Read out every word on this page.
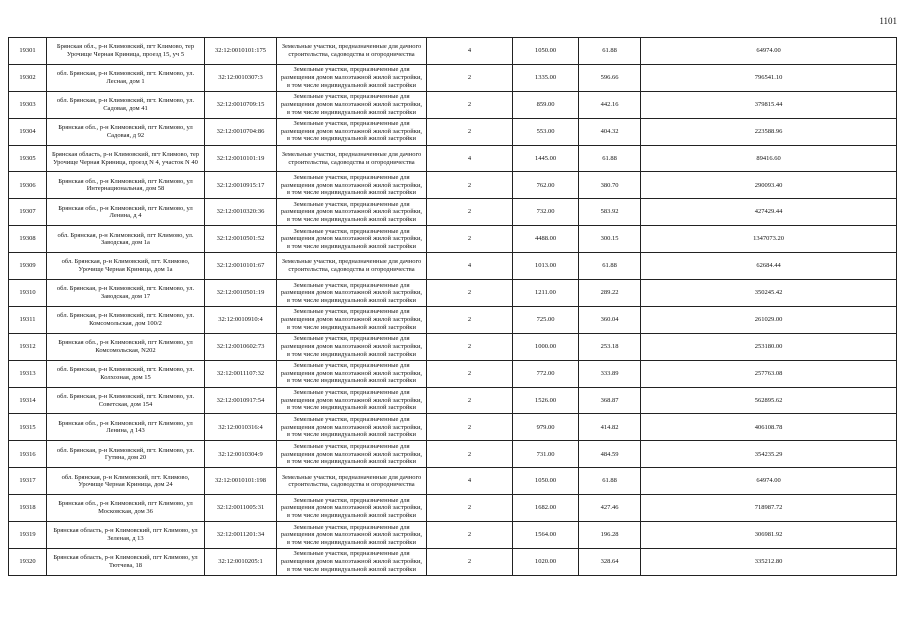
1101
19301	Брянская обл., р-н Климовский, пгт Климово, тер Урочище Черная Криница, проезд 15, уч 5	32:12:0010101:175	Земельные участки, предназначенные для дачного строительства, садоводства и огородничества	4	1050.00	61.88	64974.00
19302	обл. Брянская, р-н Климовский, пгт. Климово, ул. Лесная, дом 1	32:12:0010307:3	Земельные участки, предназначенные для размещения домов малоэтажной жилой застройки, в том числе индивидуальной жилой застройки	2	1335.00	596.66	796541.10
19303	обл. Брянская, р-н Климовский, пгт. Климово, ул. Садовая, дом 41	32:12:0010709:15	Земельные участки, предназначенные для размещения домов малоэтажной жилой застройки, в том числе индивидуальной жилой застройки	2	859.00	442.16	379815.44
19304	Брянская обл., р-н Климовский, пгт Климово, ул Садовая, д 92	32:12:0010704:86	Земельные участки, предназначенные для размещения домов малоэтажной жилой застройки, в том числе индивидуальной жилой застройки	2	553.00	404.32	223588.96
19305	Брянская область, р-н Климовский, пгт Климово, тер Урочище Черная Криница, проезд N 4, участок N 40	32:12:0010101:19	Земельные участки, предназначенные для дачного строительства, садоводства и огородничества	4	1445.00	61.88	89416.60
19306	Брянская обл., р-н Климовский, пгт Климово, ул Интернациональная, дом 58	32:12:0010915:17	Земельные участки, предназначенные для размещения домов малоэтажной жилой застройки, в том числе индивидуальной жилой застройки	2	762.00	380.70	290093.40
19307	Брянская обл., р-н Климовский, пгт Климово, ул Ленина, д 4	32:12:0010320:36	Земельные участки, предназначенные для размещения домов малоэтажной жилой застройки, в том числе индивидуальной жилой застройки	2	732.00	583.92	427429.44
19308	обл. Брянская, р-н Климовский, пгт Климово, ул. Заводская, дом 1а	32:12:0010501:52	Земельные участки, предназначенные для размещения домов малоэтажной жилой застройки, в том числе индивидуальной жилой застройки	2	4488.00	300.15	1347073.20
19309	обл. Брянская, р-н Климовский, пгт. Климово, Урочище Черная Криница, дом 1а	32:12:0010101:67	Земельные участки, предназначенные для дачного строительства, садоводства и огородничества	4	1013.00	61.88	62684.44
19310	обл. Брянская, р-н Климовский, пгт. Климово, ул. Заводская, дом 17	32:12:0010501:19	Земельные участки, предназначенные для размещения домов малоэтажной жилой застройки, в том числе индивидуальной жилой застройки	2	1211.00	289.22	350245.42
19311	обл. Брянская, р-н Климовский, пгт. Климово, ул. Комсомольская, дом 100/2	32:12:0010910:4	Земельные участки, предназначенные для размещения домов малоэтажной жилой застройки, в том числе индивидуальной жилой застройки	2	725.00	360.04	261029.00
19312	Брянская обл., р-н Климовский, пгт Климово, ул Комсомольская, N202	32:12:0010602:73	Земельные участки, предназначенные для размещения домов малоэтажной жилой застройки, в том числе индивидуальной жилой застройки	2	1000.00	253.18	253180.00
19313	обл. Брянская, р-н Климовский, пгт. Климово, ул. Колхозная, дом 15	32:12:0011107:32	Земельные участки, предназначенные для размещения домов малоэтажной жилой застройки, в том числе индивидуальной жилой застройки	2	772.00	333.89	257763.08
19314	обл. Брянская, р-н Климовский, пгт. Климово, ул. Советская, дом 154	32:12:0010917:54	Земельные участки, предназначенные для размещения домов малоэтажной жилой застройки, в том числе индивидуальной жилой застройки	2	1526.00	368.87	562895.62
19315	Брянская обл., р-н Климовский, пгт Климово, ул Ленина, д 143	32:12:0010316:4	Земельные участки, предназначенные для размещения домов малоэтажной жилой застройки, в том числе индивидуальной жилой застройки	2	979.00	414.82	406108.78
19316	обл. Брянская, р-н Климовский, пгт. Климово, ул. Гутина, дом 20	32:12:0010304:9	Земельные участки, предназначенные для размещения домов малоэтажной жилой застройки, в том числе индивидуальной жилой застройки	2	731.00	484.59	354235.29
19317	обл. Брянская, р-н Климовский, пгт. Климово, Урочище Черная Криница, дом 24	32:12:0010101:198	Земельные участки, предназначенные для дачного строительства, садоводства и огородничества	4	1050.00	61.88	64974.00
19318	Брянская обл., р-н Климовский, пгт Климово, ул Московская, дом 36	32:12:0011005:31	Земельные участки, предназначенные для размещения домов малоэтажной жилой застройки, в том числе индивидуальной жилой застройки	2	1682.00	427.46	718987.72
19319	Брянская область, р-н Климовский, пгт Климово, ул Зеленая, д 13	32:12:0011201:34	Земельные участки, предназначенные для размещения домов малоэтажной жилой застройки, в том числе индивидуальной жилой застройки	2	1564.00	196.28	306981.92
19320	Брянская область, р-н Климовский, пгт Климово, ул Тютчева, 18	32:12:0010205:1	Земельные участки, предназначенные для размещения домов малоэтажной жилой застройки, в том числе индивидуальной жилой застройки	2	1020.00	328.64	335212.80
